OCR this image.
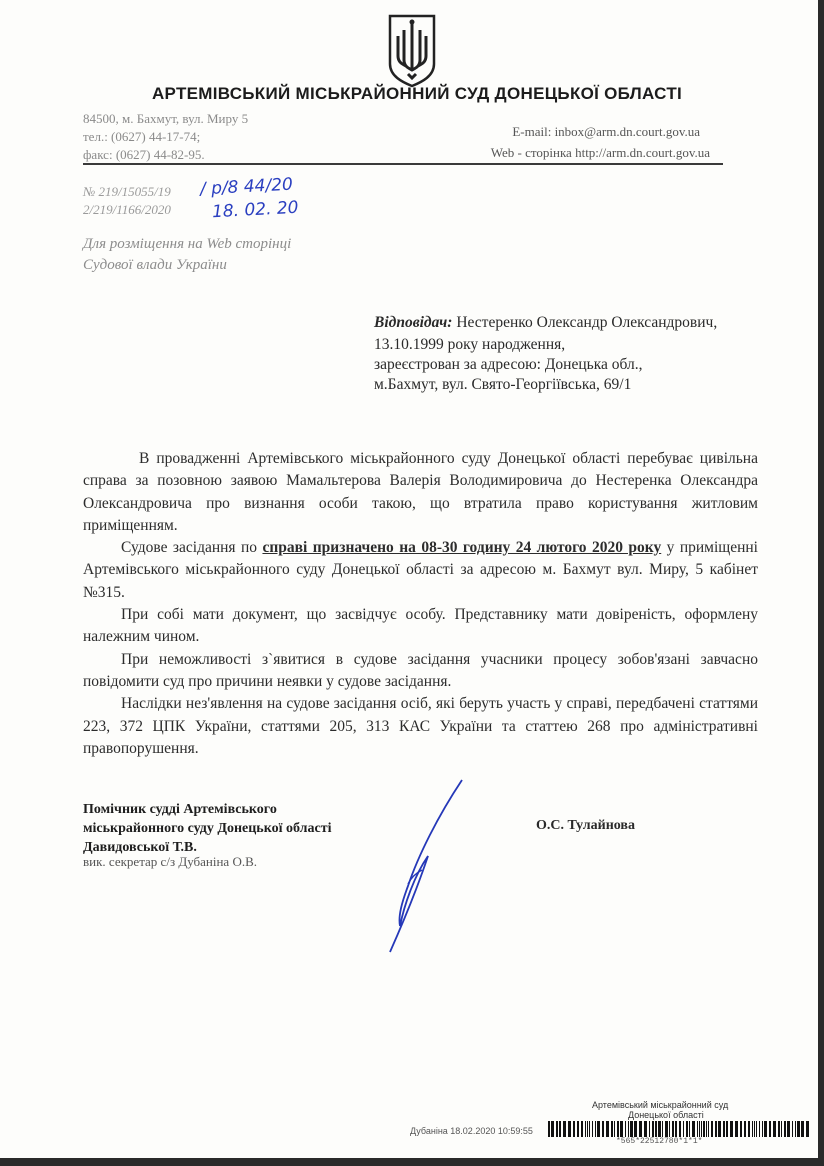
АРТЕМІВСЬКИЙ МІСЬКРАЙОННИЙ СУД ДОНЕЦЬКОЇ ОБЛАСТІ
84500, м. Бахмут, вул. Миру 5
тел.: (0627) 44-17-74;
факс: (0627) 44-82-95.
E-mail: inbox@arm.dn.court.gov.ua
Web - сторінка http://arm.dn.court.gov.ua
№ 219/15055/19
2/219/1166/2020
/ р/8 44/20
18. 02. 20
Для розміщення на Web сторінці
Судової влади України
Відповідач: Нестеренко Олександр Олександрович,
13.10.1999 року народження,
зареєстрован за адресою: Донецька обл.,
м.Бахмут, вул. Свято-Георгіївська, 69/1

В провадженні Артемівського міськрайонного суду Донецької області перебуває цивільна справа за позовною заявою Мамальтерова Валерія Володимировича до Нестеренка Олександра Олександровича про визнання особи такою, що втратила право користування житловим приміщенням.

Судове засідання по справі призначено на 08-30 годину 24 лютого 2020 року у приміщенні Артемівського міськрайонного суду Донецької області за адресою м. Бахмут вул. Миру, 5 кабінет №315.

При собі мати документ, що засвідчує особу. Представнику мати довіреність, оформлену належним чином.

При неможливості з`явитися в судове засідання учасники процесу зобов'язані завчасно повідомити суд про причини неявки у судове засідання.

Наслідки нез'явлення на судове засідання осіб, які беруть участь у справі, передбачені статтями 223, 372 ЦПК України, статтями 205, 313 КАС України та статтею 268 про адміністративні правопорушення.

Помічник судді Артемівського
міськрайонного суду Донецької області
Давидовської Т.В.
вик. секретар с/з Дубаніна О.В.
О.С. Тулайнова
Артемівський міськрайонний суд
Донецької області
Дубаніна 18.02.2020 10:59:55
*565*22512780*1*1*
